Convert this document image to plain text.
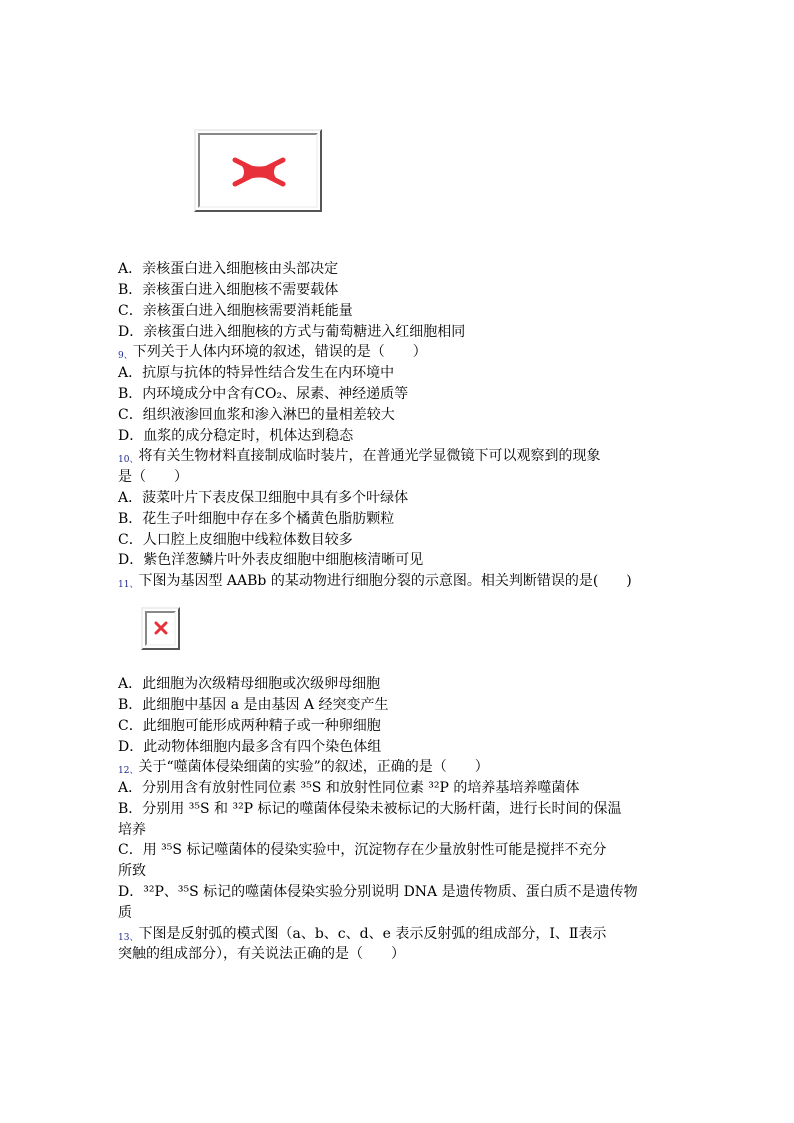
A．亲核蛋白进入细胞核由头部决定
B．亲核蛋白进入细胞核不需要载体
C．亲核蛋白进入细胞核需要消耗能量
D．亲核蛋白进入细胞核的方式与葡萄糖进入红细胞相同
9、下列关于人体内环境的叙述，错误的是（　　）
A．抗原与抗体的特异性结合发生在内环境中
B．内环境成分中含有CO₂、尿素、神经递质等
C．组织液渗回血浆和渗入淋巴的量相差较大
D．血浆的成分稳定时，机体达到稳态
10、将有关生物材料直接制成临时装片，在普通光学显微镜下可以观察到的现象
是（　　）
A．菠菜叶片下表皮保卫细胞中具有多个叶绿体
B．花生子叶细胞中存在多个橘黄色脂肪颗粒
C．人口腔上皮细胞中线粒体数目较多
D．紫色洋葱鳞片叶外表皮细胞中细胞核清晰可见
11、下图为基因型 AABb 的某动物进行细胞分裂的示意图。相关判断错误的是(　　)
A．此细胞为次级精母细胞或次级卵母细胞
B．此细胞中基因 a 是由基因 A 经突变产生
C．此细胞可能形成两种精子或一种卵细胞
D．此动物体细胞内最多含有四个染色体组
12、关于“噬菌体侵染细菌的实验”的叙述，正确的是（　　）
A．分别用含有放射性同位素 ³⁵S 和放射性同位素 ³²P 的培养基培养噬菌体
B．分别用 ³⁵S 和 ³²P 标记的噬菌体侵染未被标记的大肠杆菌，进行长时间的保温
培养
C．用 ³⁵S 标记噬菌体的侵染实验中，沉淀物存在少量放射性可能是搅拌不充分
所致
D．³²P、³⁵S 标记的噬菌体侵染实验分别说明 DNA 是遗传物质、蛋白质不是遗传物
质
13、下图是反射弧的模式图（a、b、c、d、e 表示反射弧的组成部分，Ⅰ、Ⅱ表示
突触的组成部分），有关说法正确的是（　　）
